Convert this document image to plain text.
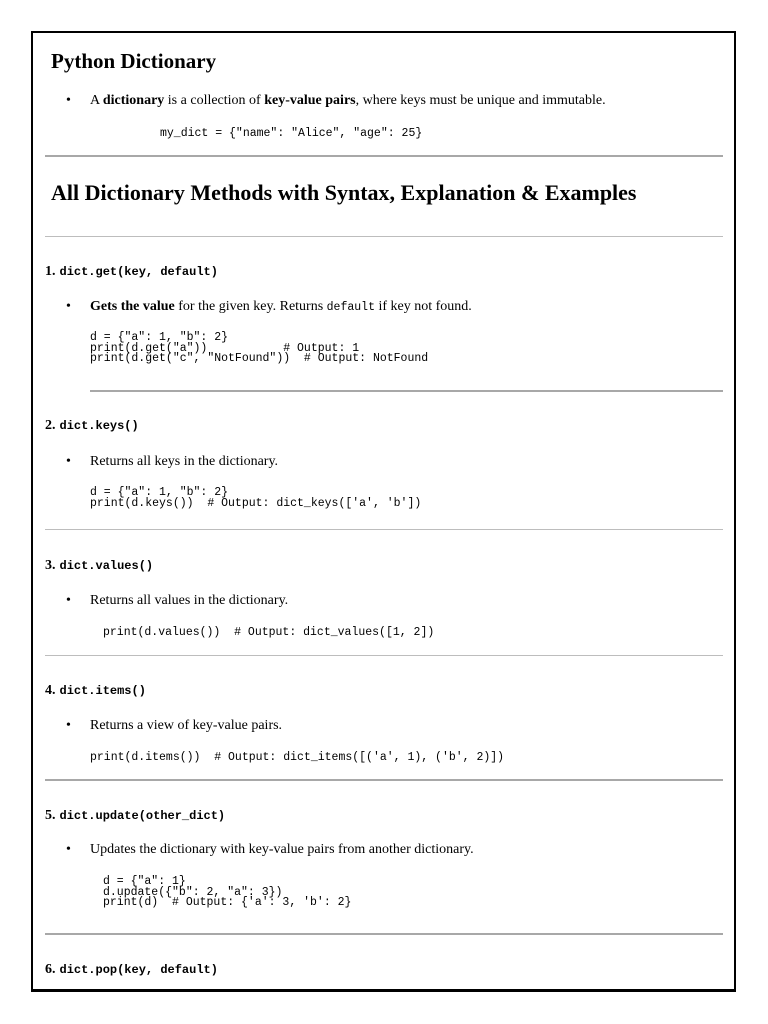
Python Dictionary
• A dictionary is a collection of key-value pairs, where keys must be unique and immutable.
my_dict = {"name": "Alice", "age": 25}
All Dictionary Methods with Syntax, Explanation & Examples
1. dict.get(key, default)
• Gets the value for the given key. Returns default if key not found.
d = {"a": 1, "b": 2}
print(d.get("a"))           # Output: 1
print(d.get("c", "NotFound"))  # Output: NotFound
2. dict.keys()
• Returns all keys in the dictionary.
d = {"a": 1, "b": 2}
print(d.keys())  # Output: dict_keys(['a', 'b'])
3. dict.values()
• Returns all values in the dictionary.
print(d.values())  # Output: dict_values([1, 2])
4. dict.items()
• Returns a view of key-value pairs.
print(d.items())  # Output: dict_items([('a', 1), ('b', 2)])
5. dict.update(other_dict)
• Updates the dictionary with key-value pairs from another dictionary.
d = {"a": 1}
d.update({"b": 2, "a": 3})
print(d)  # Output: {'a': 3, 'b': 2}
6. dict.pop(key, default)
